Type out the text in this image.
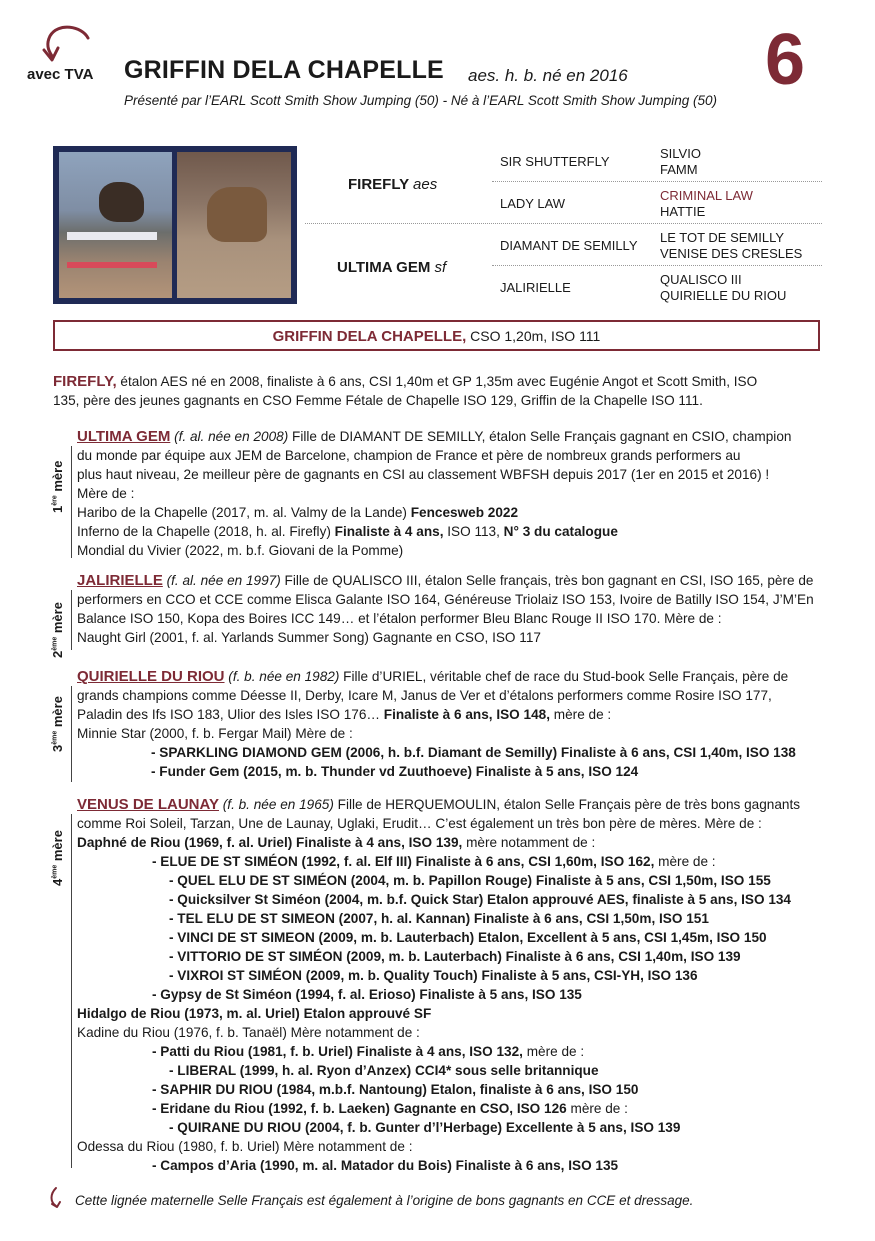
avec TVA GRIFFIN DELA CHAPELLE aes. h. b. né en 2016
Présenté par l’EARL Scott Smith Show Jumping (50) - Né à l’EARL Scott Smith Show Jumping (50)
6
FIREFLY aes
ULTIMA GEM sf
SIR SHUTTERFLY
LADY LAW
DIAMANT DE SEMILLY
JALIRIELLE
SILVIO
FAMM
CRIMINAL LAW
HATTIE
LE TOT DE SEMILLY
VENISE DES CRESLES
QUALISCO III
QUIRIELLE DU RIOU
GRIFFIN DELA CHAPELLE, CSO 1,20m, ISO 111
FIREFLY, étalon AES né en 2008, finaliste à 6 ans, CSI 1,40m et GP 1,35m avec Eugénie Angot et Scott Smith, ISO
135, père des jeunes gagnants en CSO Femme Fétale de Chapelle ISO 129, Griffin de la Chapelle ISO 111.
1ère mère
ULTIMA GEM (f. al. née en 2008) Fille de DIAMANT DE SEMILLY, étalon Selle Français gagnant en CSIO, champion
du monde par équipe aux JEM de Barcelone, champion de France et père de nombreux grands performers au
plus haut niveau, 2e meilleur père de gagnants en CSI au classement WBFSH depuis 2017 (1er en 2015 et 2016) !
Mère de :
Haribo de la Chapelle (2017, m. al. Valmy de la Lande) Fencesweb 2022
Inferno de la Chapelle (2018, h. al. Firefly) Finaliste à 4 ans, ISO 113, N° 3 du catalogue
Mondial du Vivier (2022, m. b.f. Giovani de la Pomme)
2ème mère
JALIRIELLE (f. al. née en 1997) Fille de QUALISCO III, étalon Selle français, très bon gagnant en CSI, ISO 165, père de
performers en CCO et CCE comme Elisca Galante ISO 164, Généreuse Triolaiz ISO 153, Ivoire de Batilly ISO 154, J’M’En
Balance ISO 150, Kopa des Boires ICC 149… et l’étalon performer Bleu Blanc Rouge II ISO 170. Mère de :
Naught Girl (2001, f. al. Yarlands Summer Song) Gagnante en CSO, ISO 117
3ème mère
QUIRIELLE DU RIOU (f. b. née en 1982) Fille d’URIEL, véritable chef de race du Stud-book Selle Français, père de
grands champions comme Déesse II, Derby, Icare M, Janus de Ver et d’étalons performers comme Rosire ISO 177,
Paladin des Ifs ISO 183, Ulior des Isles ISO 176… Finaliste à 6 ans, ISO 148, mère de :
Minnie Star (2000, f. b. Fergar Mail) Mère de :
- SPARKLING DIAMOND GEM (2006, h. b.f. Diamant de Semilly) Finaliste à 6 ans, CSI 1,40m, ISO 138
- Funder Gem (2015, m. b. Thunder vd Zuuthoeve) Finaliste à 5 ans, ISO 124
4ème mère
VENUS DE LAUNAY (f. b. née en 1965) Fille de HERQUEMOULIN, étalon Selle Français père de très bons gagnants
comme Roi Soleil, Tarzan, Une de Launay, Uglaki, Erudit… C’est également un très bon père de mères. Mère de :
Daphné de Riou (1969, f. al. Uriel) Finaliste à 4 ans, ISO 139, mère notamment de :
- ELUE DE ST SIMÉON (1992, f. al. Elf III) Finaliste à 6 ans, CSI 1,60m, ISO 162, mère de :
- QUEL ELU DE ST SIMÉON (2004, m. b. Papillon Rouge) Finaliste à 5 ans, CSI 1,50m, ISO 155
- Quicksilver St Siméon (2004, m. b.f. Quick Star) Etalon approuvé AES, finaliste à 5 ans, ISO 134
- TEL ELU DE ST SIMEON (2007, h. al. Kannan) Finaliste à 6 ans, CSI 1,50m, ISO 151
- VINCI DE ST SIMEON (2009, m. b. Lauterbach) Etalon, Excellent à 5 ans, CSI 1,45m, ISO 150
- VITTORIO DE ST SIMÉON (2009, m. b. Lauterbach) Finaliste à 6 ans, CSI 1,40m, ISO 139
- VIXROI ST SIMÉON (2009, m. b. Quality Touch) Finaliste à 5 ans, CSI-YH, ISO 136
- Gypsy de St Siméon (1994, f. al. Erioso) Finaliste à 5 ans, ISO 135
Hidalgo de Riou (1973, m. al. Uriel) Etalon approuvé SF
Kadine du Riou (1976, f. b. Tanaël) Mère notamment de :
- Patti du Riou (1981, f. b. Uriel) Finaliste à 4 ans, ISO 132, mère de :
- LIBERAL (1999, h. al. Ryon d’Anzex) CCI4* sous selle britannique
- SAPHIR DU RIOU (1984, m.b.f. Nantoung) Etalon, finaliste à 6 ans, ISO 150
- Eridane du Riou (1992, f. b. Laeken) Gagnante en CSO, ISO 126 mère de :
- QUIRANE DU RIOU (2004, f. b. Gunter d’l’Herbage) Excellente à 5 ans, ISO 139
Odessa du Riou (1980, f. b. Uriel) Mère notamment de :
- Campos d’Aria (1990, m. al. Matador du Bois) Finaliste à 6 ans, ISO 135
Cette lignée maternelle Selle Français est également à l’origine de bons gagnants en CCE et dressage.
